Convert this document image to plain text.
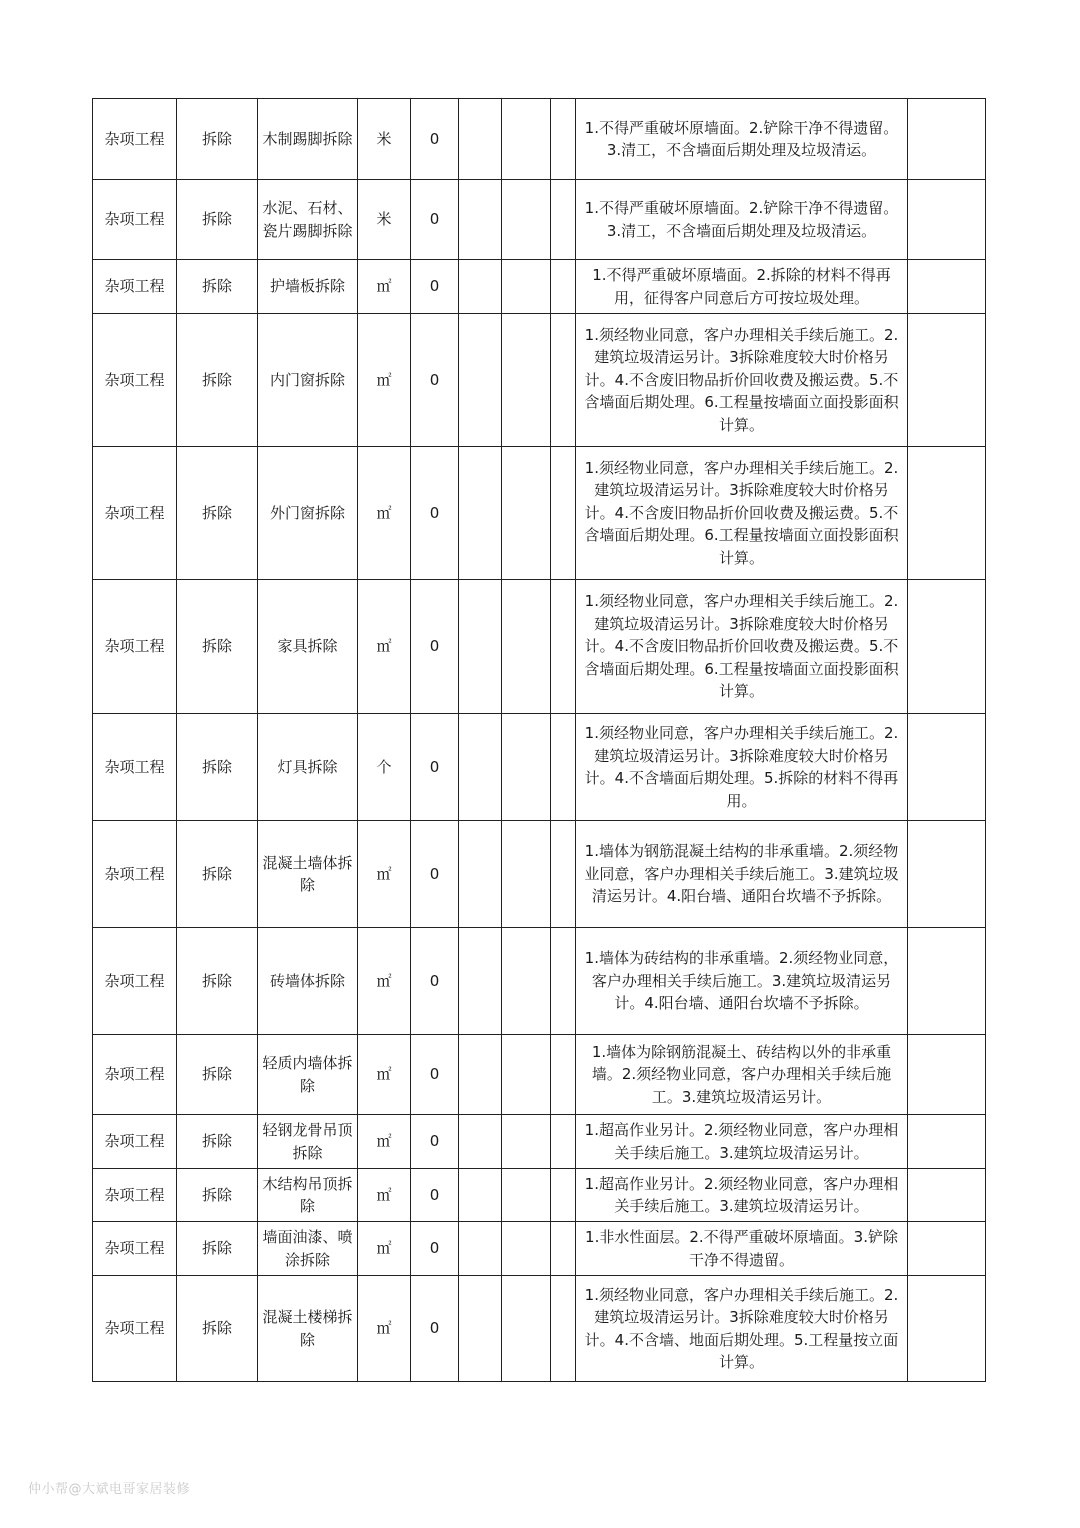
杂项工程	拆除	木制踢脚拆除	米	0				1.不得严重破坏原墙面。2.铲除干净不得遗留。3.清工，不含墙面后期处理及垃圾清运。	
杂项工程	拆除	水泥、石材、瓷片踢脚拆除	米	0				1.不得严重破坏原墙面。2.铲除干净不得遗留。3.清工，不含墙面后期处理及垃圾清运。	
杂项工程	拆除	护墙板拆除	㎡	0				1.不得严重破坏原墙面。2.拆除的材料不得再用，征得客户同意后方可按垃圾处理。	
杂项工程	拆除	内门窗拆除	㎡	0				1.须经物业同意，客户办理相关手续后施工。2.建筑垃圾清运另计。3拆除难度较大时价格另计。4.不含废旧物品折价回收费及搬运费。5.不含墙面后期处理。6.工程量按墙面立面投影面积计算。	
杂项工程	拆除	外门窗拆除	㎡	0				1.须经物业同意，客户办理相关手续后施工。2.建筑垃圾清运另计。3拆除难度较大时价格另计。4.不含废旧物品折价回收费及搬运费。5.不含墙面后期处理。6.工程量按墙面立面投影面积计算。	
杂项工程	拆除	家具拆除	㎡	0				1.须经物业同意，客户办理相关手续后施工。2.建筑垃圾清运另计。3拆除难度较大时价格另计。4.不含废旧物品折价回收费及搬运费。5.不含墙面后期处理。6.工程量按墙面立面投影面积计算。	
杂项工程	拆除	灯具拆除	个	0				1.须经物业同意，客户办理相关手续后施工。2.建筑垃圾清运另计。3拆除难度较大时价格另计。4.不含墙面后期处理。5.拆除的材料不得再用。	
杂项工程	拆除	混凝土墙体拆除	㎡	0				1.墙体为钢筋混凝土结构的非承重墙。2.须经物业同意，客户办理相关手续后施工。3.建筑垃圾清运另计。4.阳台墙、通阳台坎墙不予拆除。	
杂项工程	拆除	砖墙体拆除	㎡	0				1.墙体为砖结构的非承重墙。2.须经物业同意，客户办理相关手续后施工。3.建筑垃圾清运另计。4.阳台墙、通阳台坎墙不予拆除。	
杂项工程	拆除	轻质内墙体拆除	㎡	0				1.墙体为除钢筋混凝土、砖结构以外的非承重墙。2.须经物业同意，客户办理相关手续后施工。3.建筑垃圾清运另计。	
杂项工程	拆除	轻钢龙骨吊顶拆除	㎡	0				1.超高作业另计。2.须经物业同意，客户办理相关手续后施工。3.建筑垃圾清运另计。	
杂项工程	拆除	木结构吊顶拆除	㎡	0				1.超高作业另计。2.须经物业同意，客户办理相关手续后施工。3.建筑垃圾清运另计。	
杂项工程	拆除	墙面油漆、喷涂拆除	㎡	0				1.非水性面层。2.不得严重破坏原墙面。3.铲除干净不得遗留。	
杂项工程	拆除	混凝土楼梯拆除	㎡	0				1.须经物业同意，客户办理相关手续后施工。2.建筑垃圾清运另计。3拆除难度较大时价格另计。4.不含墙、地面后期处理。5.工程量按立面计算。	
仲小帮@大斌电哥家居装修
